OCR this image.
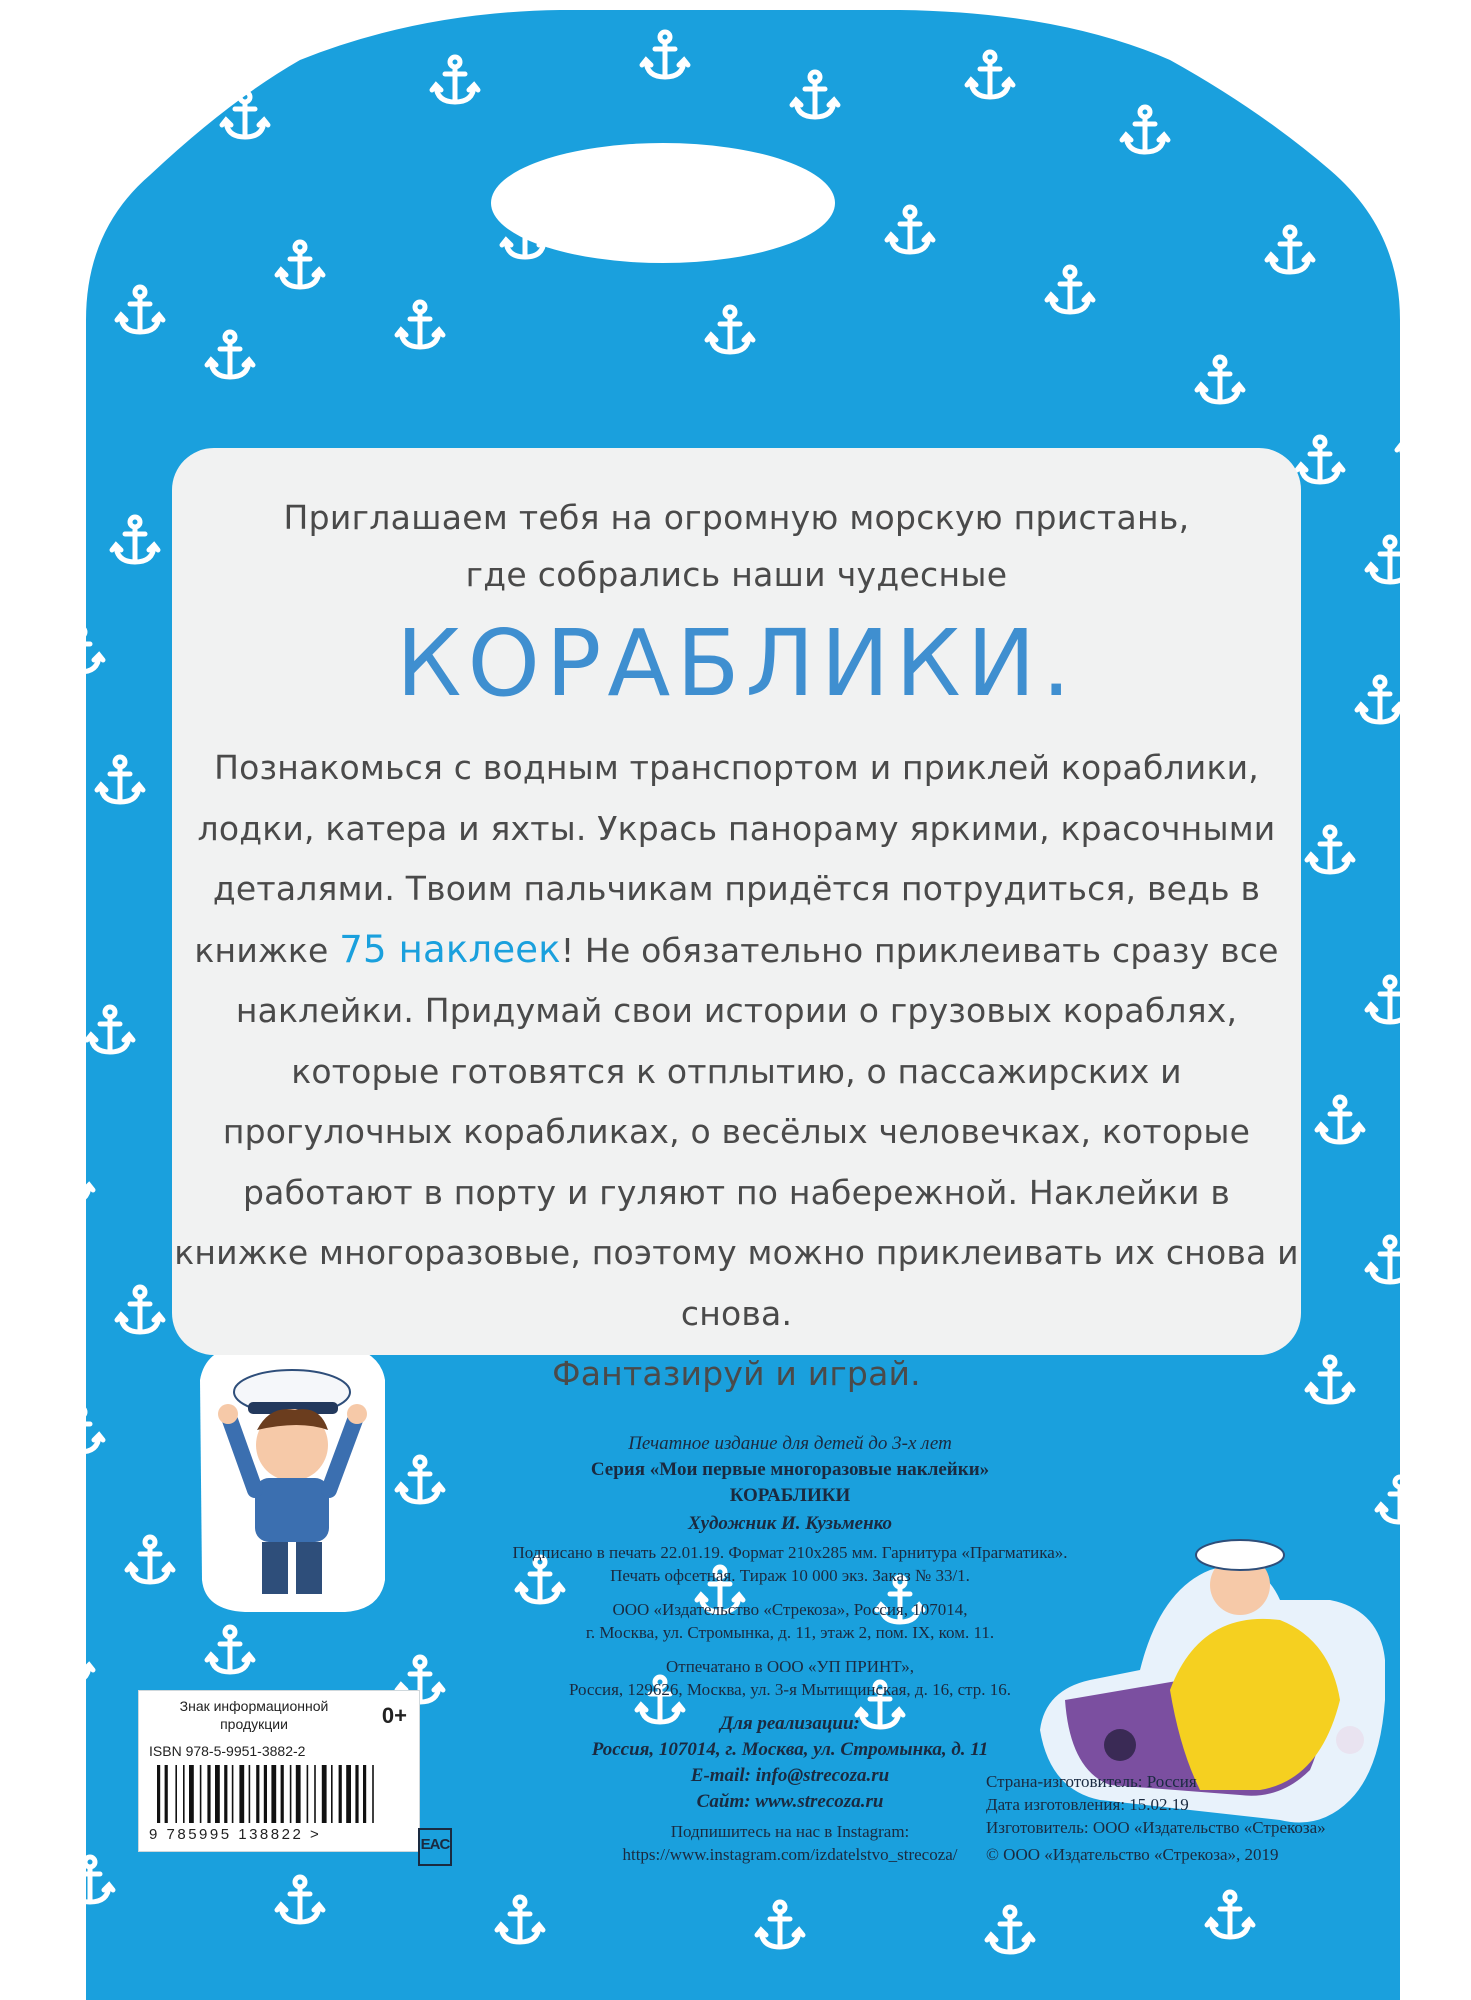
Приглашаем тебя на огромную морскую пристань,

где собрались наши чудесные

КОРАБЛИКИ.

Познакомься с водным транспортом и приклей кораблики, лодки, катера и яхты. Укрась панораму яркими, красочными деталями. Твоим пальчикам придётся потрудиться, ведь в книжке 75 наклеек! Не обязательно приклеивать сразу все наклейки. Придумай свои истории о грузовых кораблях, которые готовятся к отплытию, о пассажирских и прогулочных корабликах, о весёлых человечках, которые работают в порту и гуляют по набережной. Наклейки в книжке многоразовые, поэтому можно приклеивать их снова и снова.
Фантазируй и играй.

Печатное издание для детей до 3-х лет

Серия «Мои первые многоразовые наклейки»

КОРАБЛИКИ

Художник И. Кузьменко

Подписано в печать 22.01.19. Формат 210х285 мм. Гарнитура «Прагматика».

Печать офсетная. Тираж 10 000 экз. Заказ № 33/1.

ООО «Издательство «Стрекоза», Россия, 107014,

г. Москва, ул. Стромынка, д. 11, этаж 2, пом. IX, ком. 11.

Отпечатано в ООО «УП ПРИНТ»,

Россия, 129626, Москва, ул. 3-я Мытищинская, д. 16, стр. 16.

Для реализации:

Россия, 107014, г. Москва, ул. Стромынка, д. 11

E-mail: info@strecoza.ru

Сайт: www.strecoza.ru

Подпишитесь на нас в Instagram:

https://www.instagram.com/izdatelstvo_strecoza/

Страна-изготовитель: Россия

Дата изготовления: 15.02.19

Изготовитель: ООО «Издательство «Стрекоза»

© ООО «Издательство «Стрекоза», 2019

Знак информационной продукции	0+
ISBN 978-5-9951-3882-2
9 785995 138822 >
EAC
